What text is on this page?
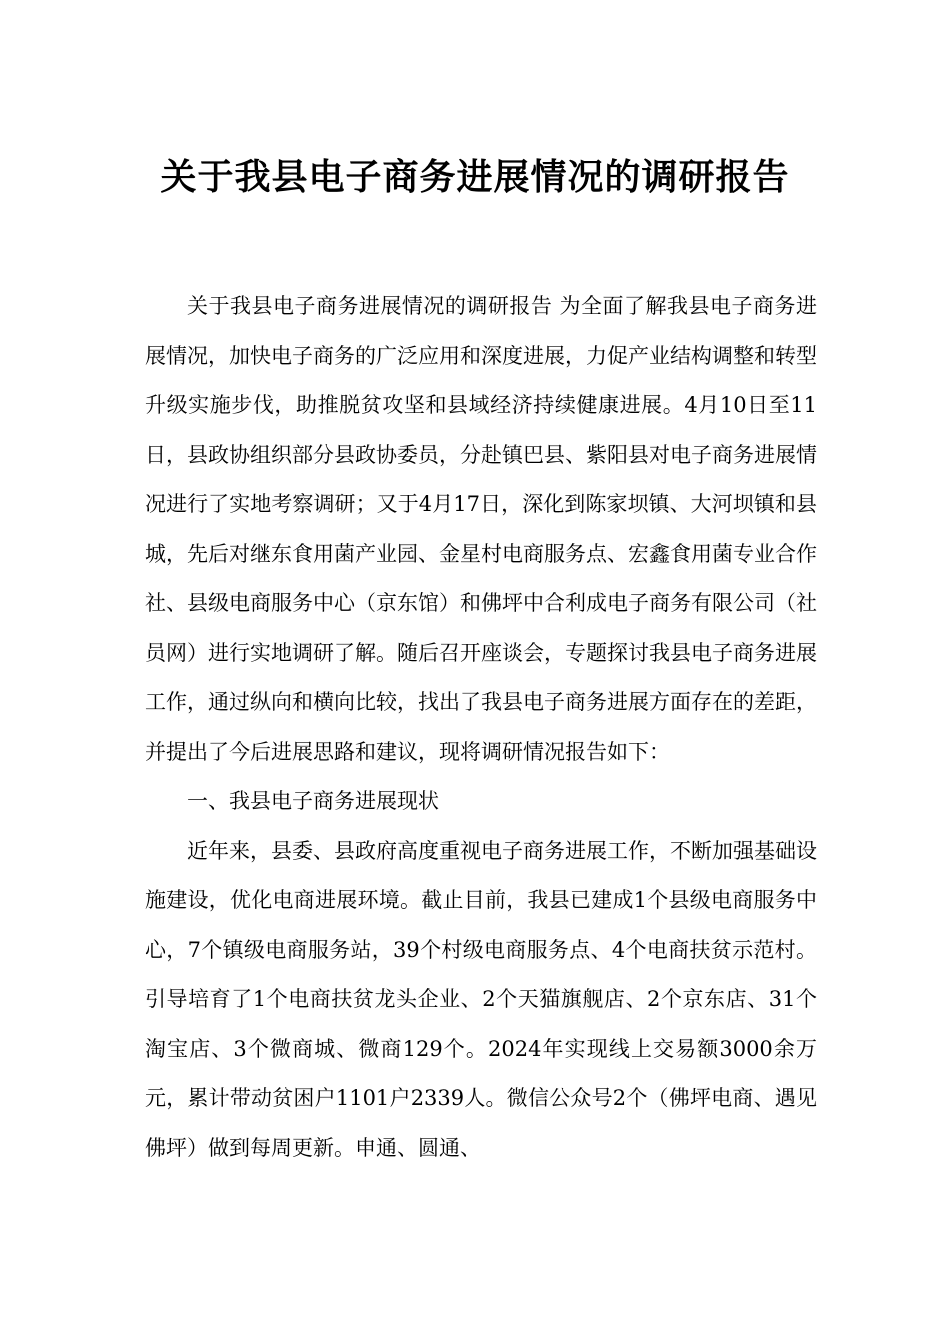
关于我县电子商务进展情况的调研报告

关于我县电子商务进展情况的调研报告 为全面了解我县电子商务进展情况，加快电子商务的广泛应用和深度进展，力促产业结构调整和转型升级实施步伐，助推脱贫攻坚和县域经济持续健康进展。4月10日至11日，县政协组织部分县政协委员，分赴镇巴县、紫阳县对电子商务进展情况进行了实地考察调研；又于4月17日，深化到陈家坝镇、大河坝镇和县城，先后对继东食用菌产业园、金星村电商服务点、宏鑫食用菌专业合作社、县级电商服务中心（京东馆）和佛坪中合利成电子商务有限公司（社员网）进行实地调研了解。随后召开座谈会，专题探讨我县电子商务进展工作，通过纵向和横向比较，找出了我县电子商务进展方面存在的差距，并提出了今后进展思路和建议，现将调研情况报告如下：

一、我县电子商务进展现状

近年来，县委、县政府高度重视电子商务进展工作，不断加强基础设施建设，优化电商进展环境。截止目前，我县已建成1个县级电商服务中心，7个镇级电商服务站，39个村级电商服务点、4个电商扶贫示范村。引导培育了1个电商扶贫龙头企业、2个天猫旗舰店、2个京东店、31个淘宝店、3个微商城、微商129个。2024年实现线上交易额3000余万元，累计带动贫困户1101户2339人。微信公众号2个（佛坪电商、遇见佛坪）做到每周更新。申通、圆通、
